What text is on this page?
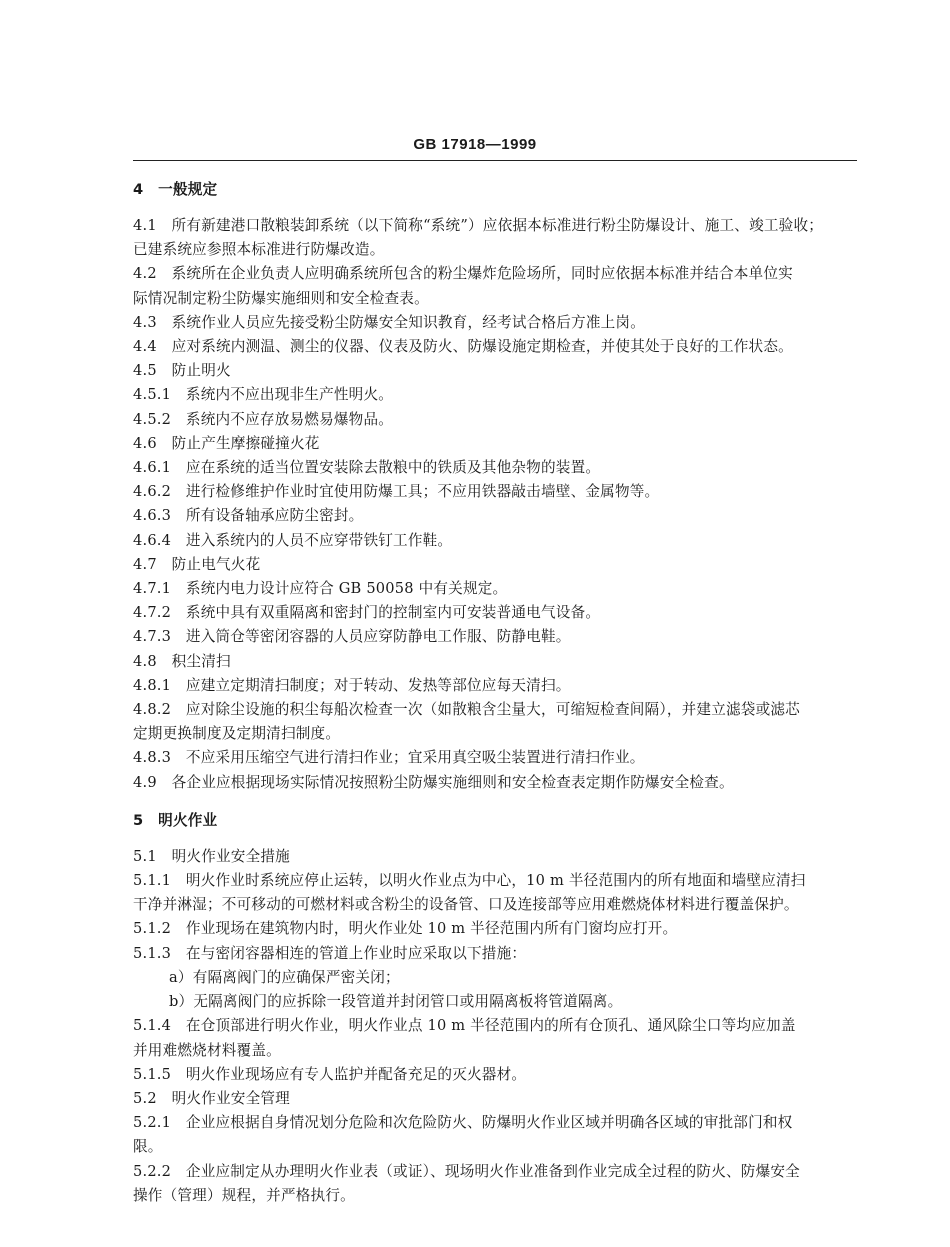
GB 17918—1999
4　一般规定
4.1　所有新建港口散粮装卸系统（以下简称“系统”）应依据本标准进行粉尘防爆设计、施工、竣工验收；
已建系统应参照本标准进行防爆改造。
4.2　系统所在企业负责人应明确系统所包含的粉尘爆炸危险场所，同时应依据本标准并结合本单位实
际情况制定粉尘防爆实施细则和安全检查表。
4.3　系统作业人员应先接受粉尘防爆安全知识教育，经考试合格后方准上岗。
4.4　应对系统内测温、测尘的仪器、仪表及防火、防爆设施定期检查，并使其处于良好的工作状态。
4.5　防止明火
4.5.1　系统内不应出现非生产性明火。
4.5.2　系统内不应存放易燃易爆物品。
4.6　防止产生摩擦碰撞火花
4.6.1　应在系统的适当位置安装除去散粮中的铁质及其他杂物的装置。
4.6.2　进行检修维护作业时宜使用防爆工具；不应用铁器敲击墙壁、金属物等。
4.6.3　所有设备轴承应防尘密封。
4.6.4　进入系统内的人员不应穿带铁钉工作鞋。
4.7　防止电气火花
4.7.1　系统内电力设计应符合 GB 50058 中有关规定。
4.7.2　系统中具有双重隔离和密封门的控制室内可安装普通电气设备。
4.7.3　进入筒仓等密闭容器的人员应穿防静电工作服、防静电鞋。
4.8　积尘清扫
4.8.1　应建立定期清扫制度；对于转动、发热等部位应每天清扫。
4.8.2　应对除尘设施的积尘每船次检查一次（如散粮含尘量大，可缩短检查间隔），并建立滤袋或滤芯
定期更换制度及定期清扫制度。
4.8.3　不应采用压缩空气进行清扫作业；宜采用真空吸尘装置进行清扫作业。
4.9　各企业应根据现场实际情况按照粉尘防爆实施细则和安全检查表定期作防爆安全检查。
5　明火作业
5.1　明火作业安全措施
5.1.1　明火作业时系统应停止运转，以明火作业点为中心，10 m 半径范围内的所有地面和墙壁应清扫
干净并淋湿；不可移动的可燃材料或含粉尘的设备管、口及连接部等应用难燃烧体材料进行覆盖保护。
5.1.2　作业现场在建筑物内时，明火作业处 10 m 半径范围内所有门窗均应打开。
5.1.3　在与密闭容器相连的管道上作业时应采取以下措施：
a）有隔离阀门的应确保严密关闭；
b）无隔离阀门的应拆除一段管道并封闭管口或用隔离板将管道隔离。
5.1.4　在仓顶部进行明火作业，明火作业点 10 m 半径范围内的所有仓顶孔、通风除尘口等均应加盖
并用难燃烧材料覆盖。
5.1.5　明火作业现场应有专人监护并配备充足的灭火器材。
5.2　明火作业安全管理
5.2.1　企业应根据自身情况划分危险和次危险防火、防爆明火作业区域并明确各区域的审批部门和权
限。
5.2.2　企业应制定从办理明火作业表（或证）、现场明火作业准备到作业完成全过程的防火、防爆安全
操作（管理）规程，并严格执行。
